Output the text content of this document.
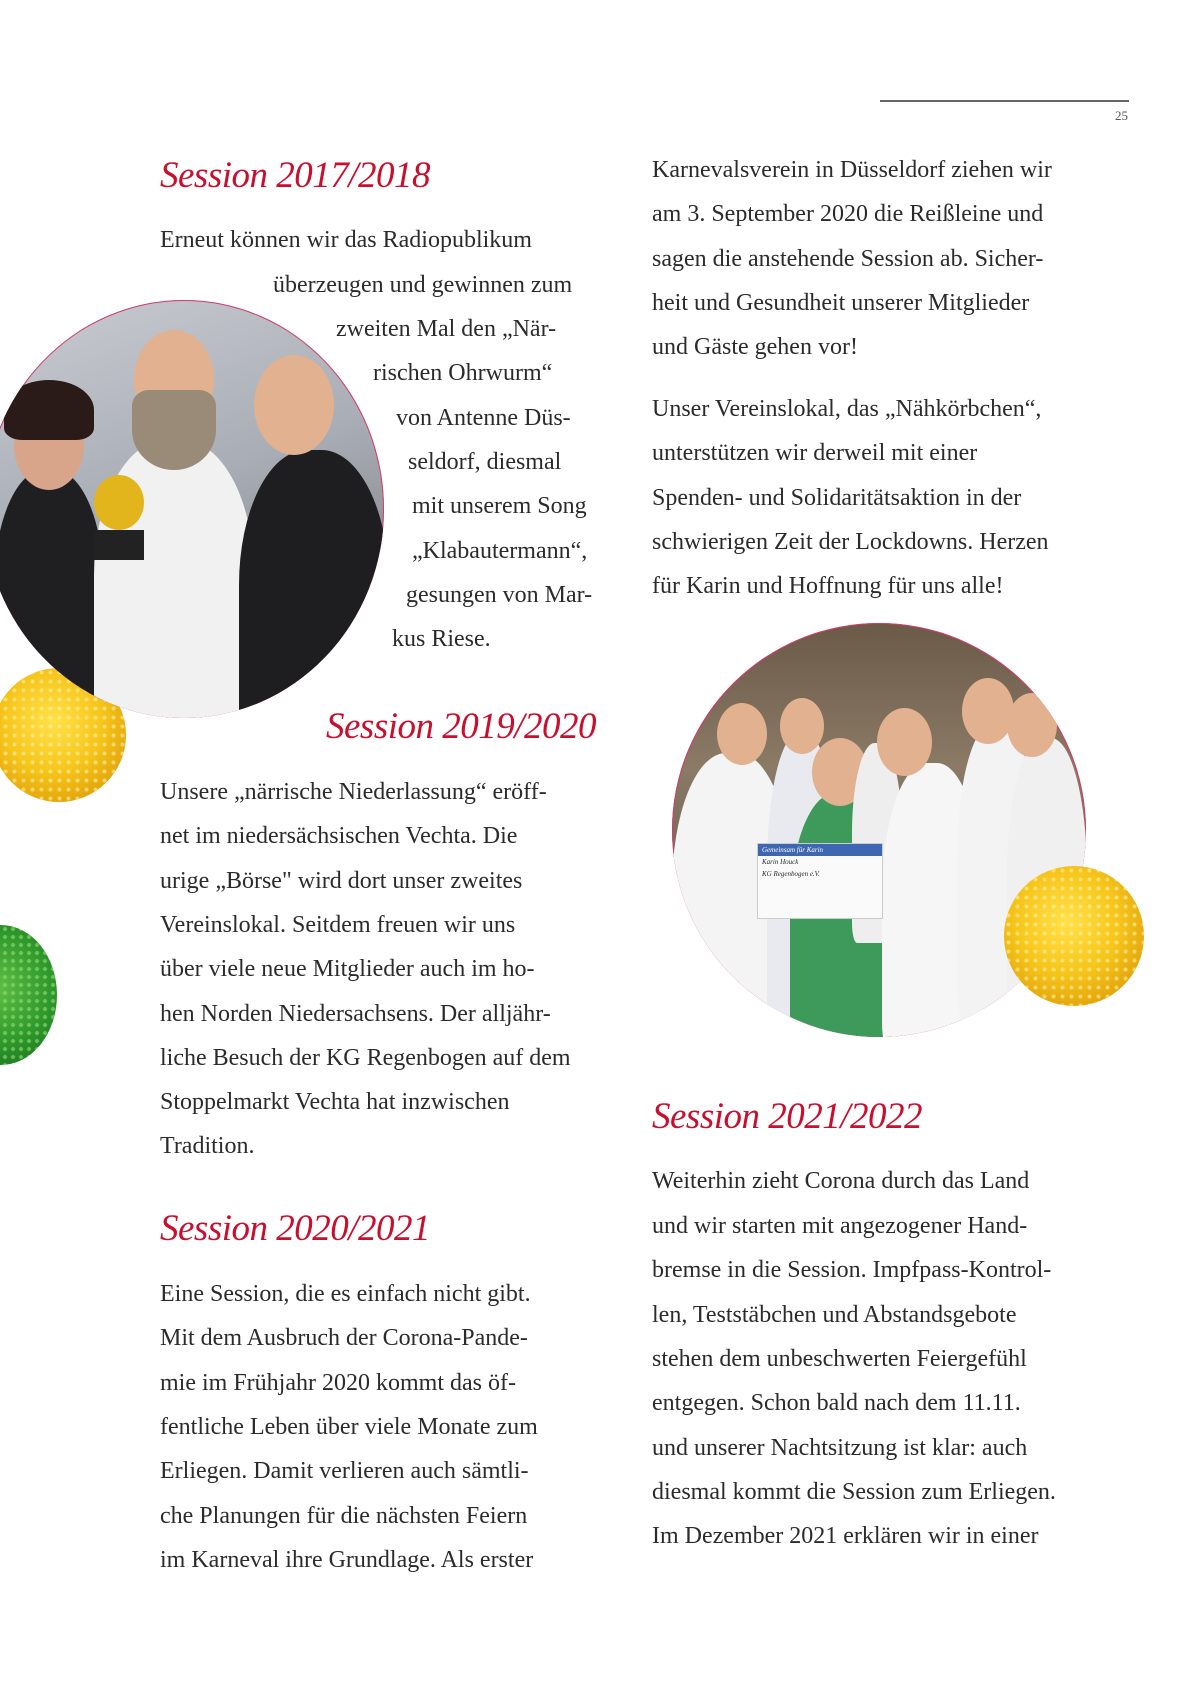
25
Session 2017/2018
Erneut können wir das Radiopublikum
überzeugen und gewinnen zum
zweiten Mal den „När-
rischen Ohrwurm“
von Antenne Düs-
seldorf, diesmal
mit unserem Song
„Klabautermann“,
gesungen von Mar-
kus Riese.
Session 2019/2020
Unsere „närrische Niederlassung“ eröff-
net im niedersächsischen Vechta. Die
urige „Börse" wird dort unser zweites
Vereinslokal. Seitdem freuen wir uns
über viele neue Mitglieder auch im ho-
hen Norden Niedersachsens. Der alljähr-
liche Besuch der KG Regenbogen auf dem
Stoppelmarkt Vechta hat inzwischen
Tradition.
Session 2020/2021
Eine Session, die es einfach nicht gibt.
Mit dem Ausbruch der Corona-Pande-
mie im Frühjahr 2020 kommt das öf-
fentliche Leben über viele Monate zum
Erliegen. Damit verlieren auch sämtli-
che Planungen für die nächsten Feiern
im Karneval ihre Grundlage. Als erster
Karnevalsverein in Düsseldorf ziehen wir
am 3. September 2020 die Reißleine und
sagen die anstehende Session ab. Sicher-
heit und Gesundheit unserer Mitglieder
und Gäste gehen vor!
Unser Vereinslokal, das „Nähkörbchen“,
unterstützen wir derweil mit einer
Spenden- und Solidaritätsaktion in der
schwierigen Zeit der Lockdowns. Herzen
für Karin und Hoffnung für uns alle!
Gemeinsam für Karin
Karin Houck
KG Regenbogen e.V.
Session 2021/2022
Weiterhin zieht Corona durch das Land
und wir starten mit angezogener Hand-
bremse in die Session. Impfpass-Kontrol-
len, Teststäbchen und Abstandsgebote
stehen dem unbeschwerten Feiergefühl
entgegen. Schon bald nach dem 11.11.
und unserer Nachtsitzung ist klar: auch
diesmal kommt die Session zum Erliegen.
Im Dezember 2021 erklären wir in einer
